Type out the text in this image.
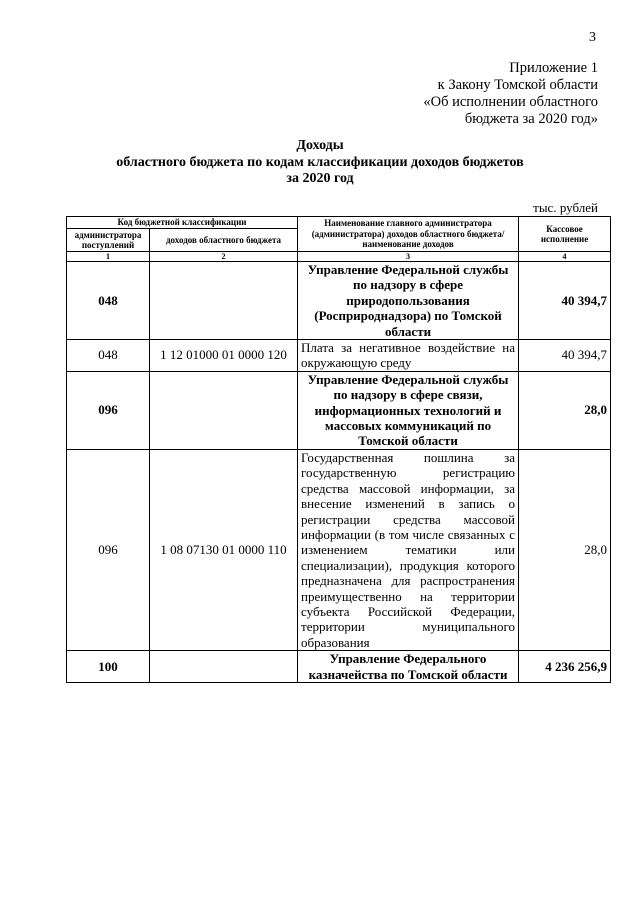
3
Приложение 1
к Закону Томской области
«Об исполнении областного
бюджета за 2020 год»
Доходы
областного бюджета по кодам классификации доходов бюджетов
за 2020 год
тыс. рублей
Код бюджетной классификации		Наименование главного администратора (администратора) доходов областного бюджета/ наименование доходов	Кассовое исполнение
администратора поступлений	доходов областного бюджета		
1	2	3	4
048		Управление Федеральной службы по надзору в сфере природопользования (Росприроднадзора) по Томской области	40 394,7
048	1 12 01000 01 0000 120	Плата за негативное воздействие на окружающую среду	40 394,7
096		Управление Федеральной службы по надзору в сфере связи, информационных технологий и массовых коммуникаций по Томской области	28,0
096	1 08 07130 01 0000 110	Государственная пошлина за государственную регистрацию средства массовой информации, за внесение изменений в запись о регистрации средства массовой информации (в том числе связанных с изменением тематики или специализации), продукция которого предназначена для распространения преимущественно на территории субъекта Российской Федерации, территории муниципального образования	28,0
100		Управление Федерального казначейства по Томской области	4 236 256,9
